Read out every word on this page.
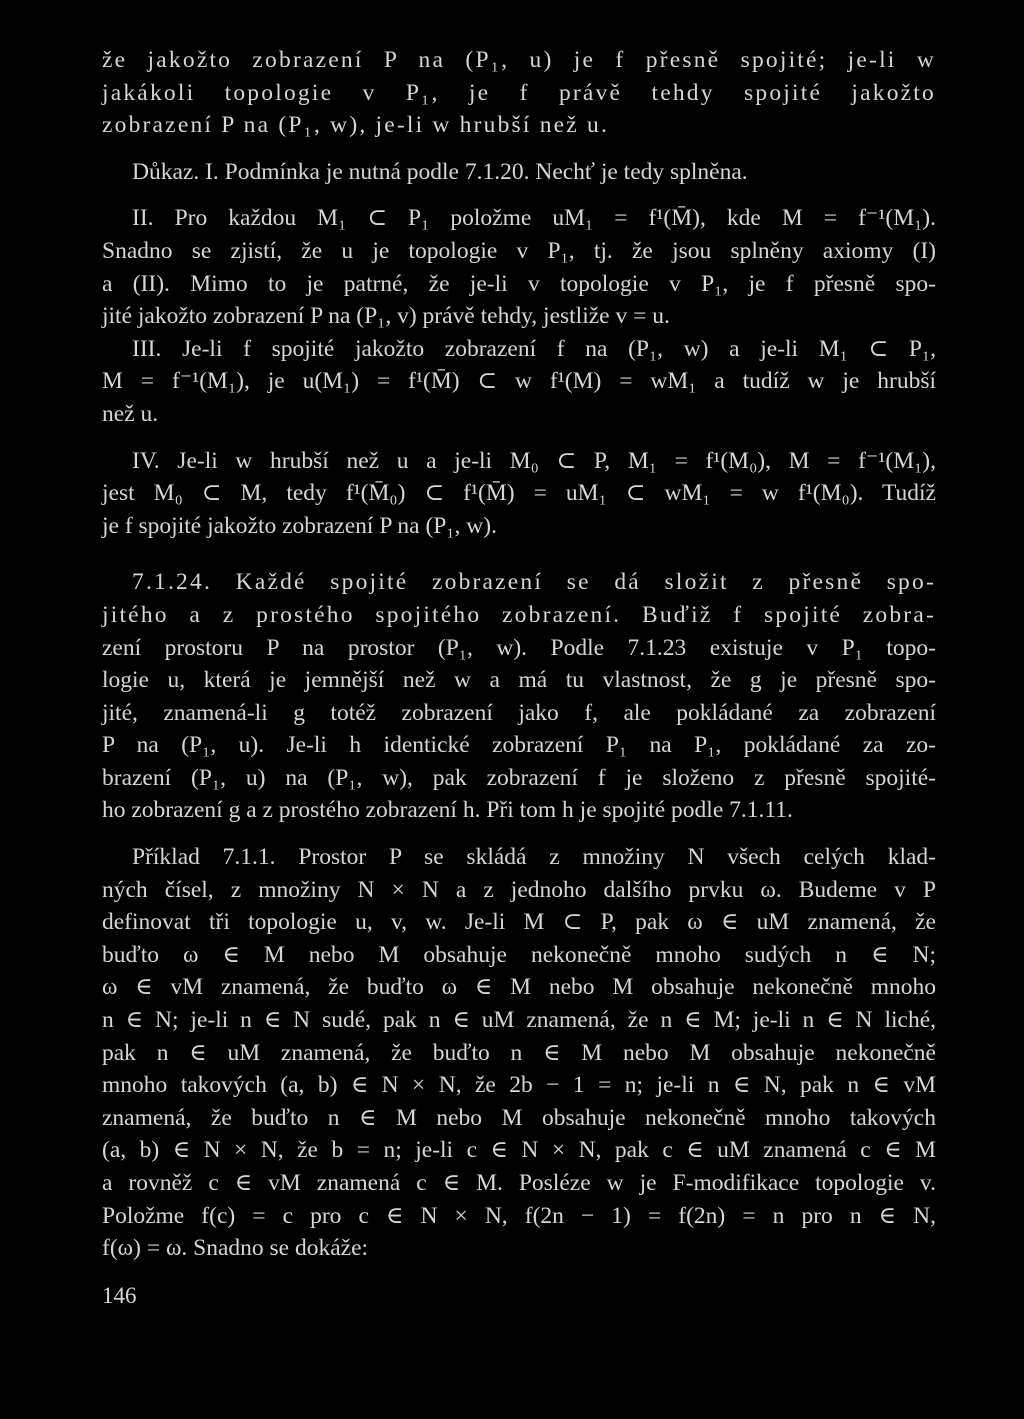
že jakožto zobrazení P na (P₁, u) je f přesně spojité; je-li w
jakákoli topologie v P₁, je f právě tehdy spojité jakožto
zobrazení P na (P₁, w), je-li w hrubší než u.
Důkaz. I. Podmínka je nutná podle 7.1.20. Nechť je tedy splněna.
II. Pro každou M₁ ⊂ P₁ položme uM₁ = f¹(M̄), kde M = f⁻¹(M₁).
Snadno se zjistí, že u je topologie v P₁, tj. že jsou splněny axiomy (I)
a (II). Mimo to je patrné, že je-li v topologie v P₁, je f přesně spo-
jité jakožto zobrazení P na (P₁, v) právě tehdy, jestliže v = u.
III. Je-li f spojité jakožto zobrazení f na (P₁, w) a je-li M₁ ⊂ P₁,
M = f⁻¹(M₁), je u(M₁) = f¹(M̄) ⊂ w f¹(M) = wM₁ a tudíž w je hrubší
než u.
IV. Je-li w hrubší než u a je-li M₀ ⊂ P, M₁ = f¹(M₀), M = f⁻¹(M₁),
jest M₀ ⊂ M, tedy f¹(M̄₀) ⊂ f¹(M̄) = uM₁ ⊂ wM₁ = w f¹(M₀). Tudíž
je f spojité jakožto zobrazení P na (P₁, w).
7.1.24. Každé spojité zobrazení se dá složit z přesně spo-
jitého a z prostého spojitého zobrazení. Buďiž f spojité zobra-
zení prostoru P na prostor (P₁, w). Podle 7.1.23 existuje v P₁ topo-
logie u, která je jemnější než w a má tu vlastnost, že g je přesně spo-
jité, znamená-li g totéž zobrazení jako f, ale pokládané za zobrazení
P na (P₁, u). Je-li h identické zobrazení P₁ na P₁, pokládané za zo-
brazení (P₁, u) na (P₁, w), pak zobrazení f je složeno z přesně spojité-
ho zobrazení g a z prostého zobrazení h. Při tom h je spojité podle 7.1.11.
Příklad 7.1.1. Prostor P se skládá z množiny N všech celých klad-
ných čísel, z množiny N × N a z jednoho dalšího prvku ω. Budeme v P
definovat tři topologie u, v, w. Je-li M ⊂ P, pak ω ∈ uM znamená, že
buďto ω ∈ M nebo M obsahuje nekonečně mnoho sudých n ∈ N;
ω ∈ vM znamená, že buďto ω ∈ M nebo M obsahuje nekonečně mnoho
n ∈ N; je-li n ∈ N sudé, pak n ∈ uM znamená, že n ∈ M; je-li n ∈ N liché,
pak n ∈ uM znamená, že buďto n ∈ M nebo M obsahuje nekonečně
mnoho takových (a, b) ∈ N × N, že 2b − 1 = n; je-li n ∈ N, pak n ∈ vM
znamená, že buďto n ∈ M nebo M obsahuje nekonečně mnoho takových
(a, b) ∈ N × N, že b = n; je-li c ∈ N × N, pak c ∈ uM znamená c ∈ M
a rovněž c ∈ vM znamená c ∈ M. Posléze w je F-modifikace topologie v.
Položme f(c) = c pro c ∈ N × N, f(2n − 1) = f(2n) = n pro n ∈ N,
f(ω) = ω. Snadno se dokáže:
146
